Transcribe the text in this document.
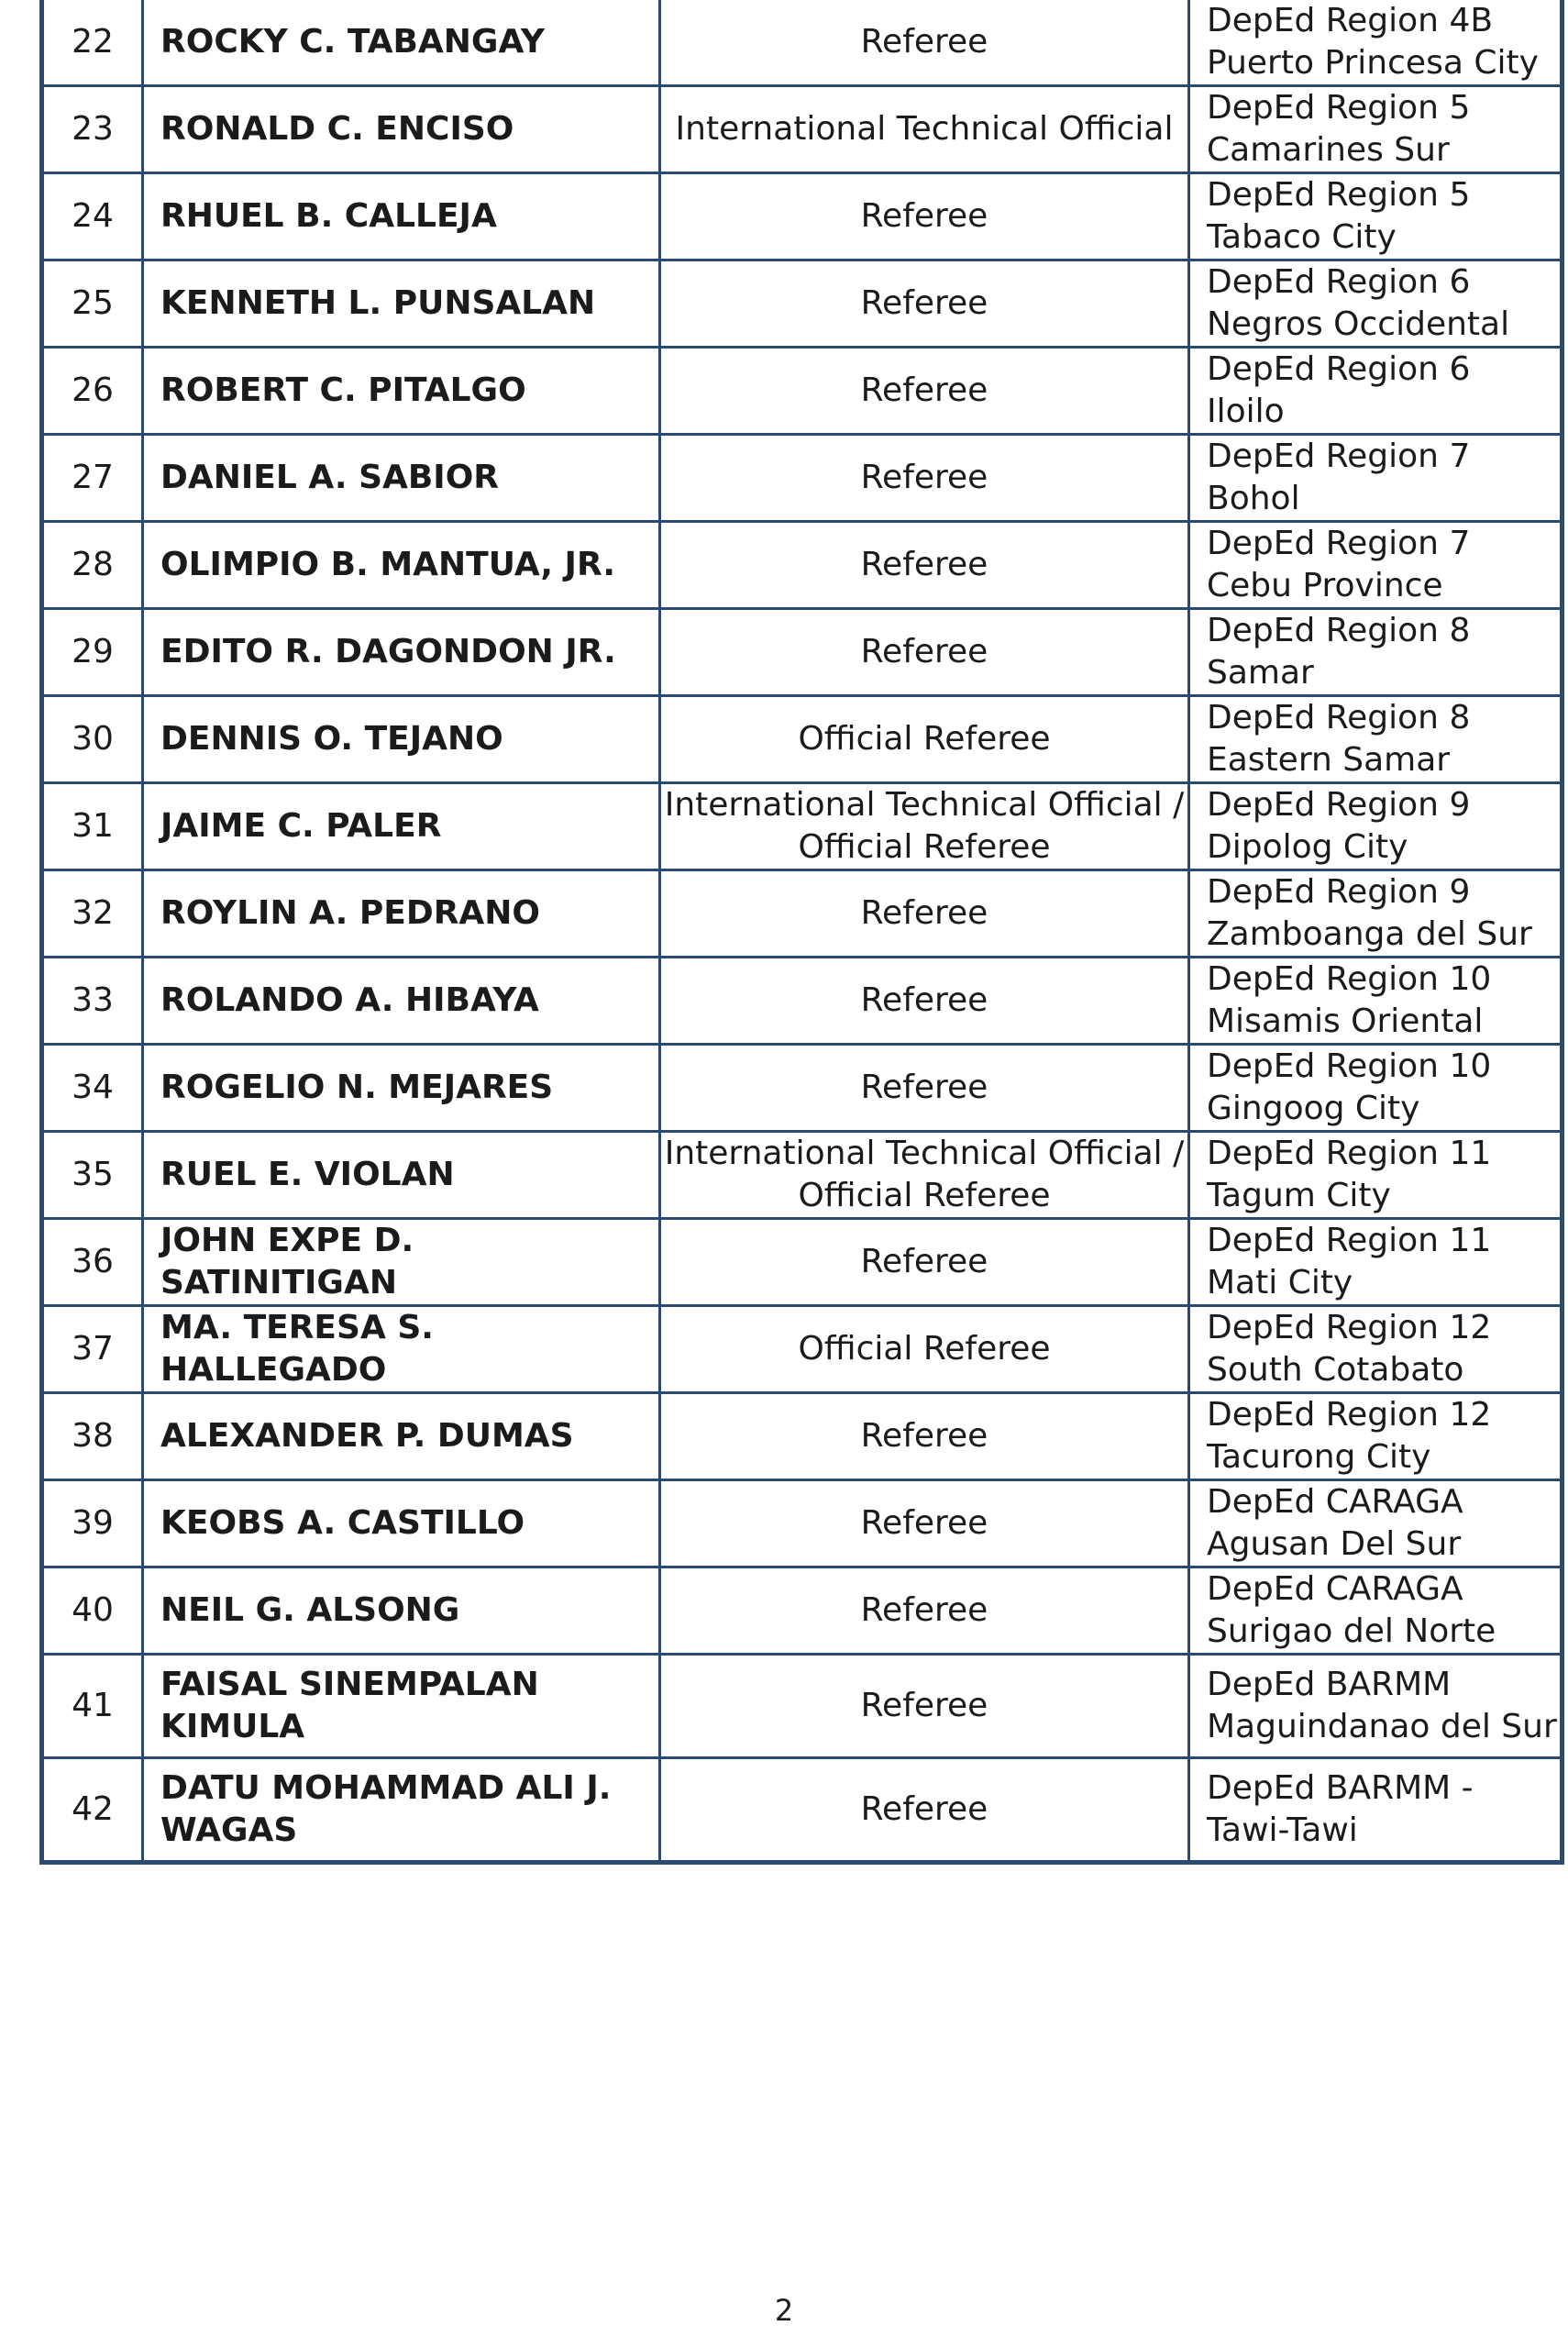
22	ROCKY C. TABANGAY	Referee	DepEd Region 4B
Puerto Princesa City

23	RONALD C. ENCISO	International Technical Official	DepEd Region 5
Camarines Sur

24	RHUEL B. CALLEJA	Referee	DepEd Region 5
Tabaco City

25	KENNETH L. PUNSALAN	Referee	DepEd Region 6
Negros Occidental

26	ROBERT C. PITALGO	Referee	DepEd Region 6
Iloilo

27	DANIEL A. SABIOR	Referee	DepEd Region 7
Bohol

28	OLIMPIO B. MANTUA, JR.	Referee	DepEd Region 7
Cebu Province

29	EDITO R. DAGONDON JR.	Referee	DepEd Region 8
Samar

30	DENNIS O. TEJANO	Official Referee	DepEd Region 8
Eastern Samar

31	JAIME C. PALER	International Technical Official / Official Referee	DepEd Region 9
Dipolog City

32	ROYLIN A. PEDRANO	Referee	DepEd Region 9
Zamboanga del Sur

33	ROLANDO A. HIBAYA	Referee	DepEd Region 10
Misamis Oriental

34	ROGELIO N. MEJARES	Referee	DepEd Region 10
Gingoog City

35	RUEL E. VIOLAN	International Technical Official / Official Referee	DepEd Region 11
Tagum City

36	JOHN EXPE D. SATINITIGAN	Referee	DepEd Region 11
Mati City

37	MA. TERESA S. HALLEGADO	Official Referee	DepEd Region 12
South Cotabato

38	ALEXANDER P. DUMAS	Referee	DepEd Region 12
Tacurong City

39	KEOBS A. CASTILLO	Referee	DepEd CARAGA
Agusan Del Sur

40	NEIL G. ALSONG	Referee	DepEd CARAGA
Surigao del Norte

41	FAISAL SINEMPALAN KIMULA	Referee	DepEd BARMM
Maguindanao del Sur

42	DATU MOHAMMAD ALI J. WAGAS	Referee	DepEd BARMM -
Tawi-Tawi
2
